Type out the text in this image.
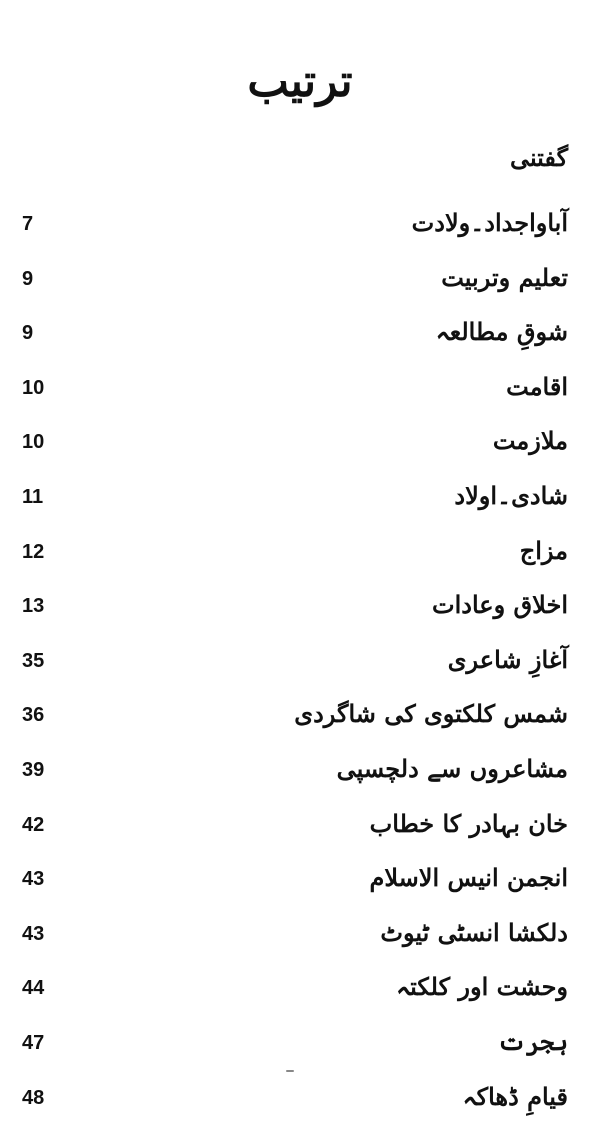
ترتیب
گفتنی
7	آباواجداد۔ولادت
9	تعلیم وتربیت
9	شوقِ مطالعہ
10	اقامت
10	ملازمت
11	شادی۔اولاد
12	مزاج
13	اخلاق وعادات
35	آغازِ شاعری
36	شمس کلکتوی کی شاگردی
39	مشاعروں سے دلچسپی
42	خان بہادر کا خطاب
43	انجمن انیس الاسلام
43	دلکشا انسٹی ٹیوٹ
44	وحشت اور کلکتہ
47	ہجرت
48	قیامِ ڈھاکہ
